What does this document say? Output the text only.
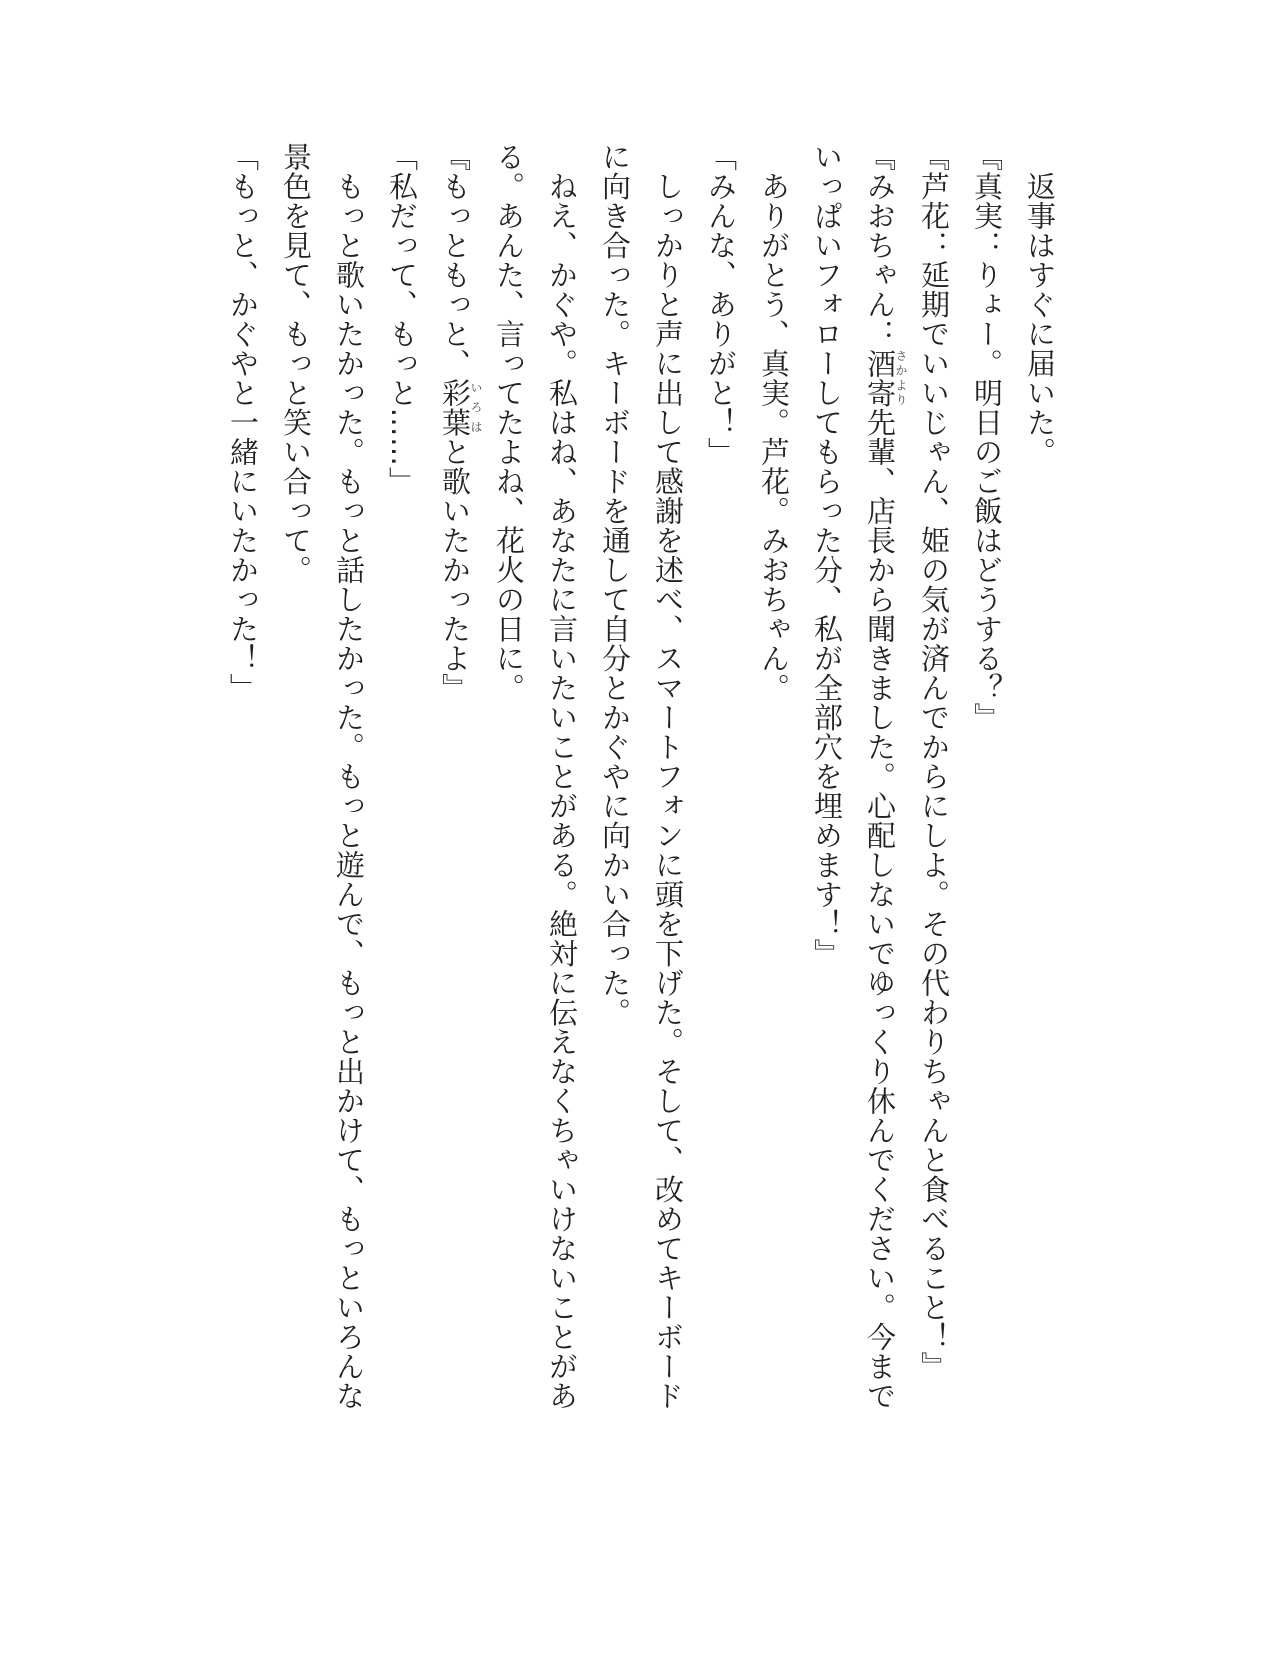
　返事はすぐに届いた。
『真実：りょー。明日のご飯はどうする？』
『芦花：延期でいいじゃん、姫の気が済んでからにしよ。その代わりちゃんと食べること！』
『みおちゃん：酒寄さかより先輩、店長から聞きました。心配しないでゆっくり休んでください。今まで
いっぱいフォローしてもらった分、私が全部穴を埋めます！』
　ありがとう、真実。芦花。みおちゃん。
「みんな、ありがと！」
　しっかりと声に出して感謝を述べ、スマートフォンに頭を下げた。そして、改めてキーボード
に向き合った。キーボードを通して自分とかぐやに向かい合った。
　ねえ、かぐや。私はね、あなたに言いたいことがある。絶対に伝えなくちゃいけないことがあ
る。あんた、言ってたよね、花火の日に。
『もっともっと、彩葉いろはと歌いたかったよ』
「私だって、もっと……」
　もっと歌いたかった。もっと話したかった。もっと遊んで、もっと出かけて、もっといろんな
景色を見て、もっと笑い合って。
「もっと、かぐやと一緒にいたかった！」
